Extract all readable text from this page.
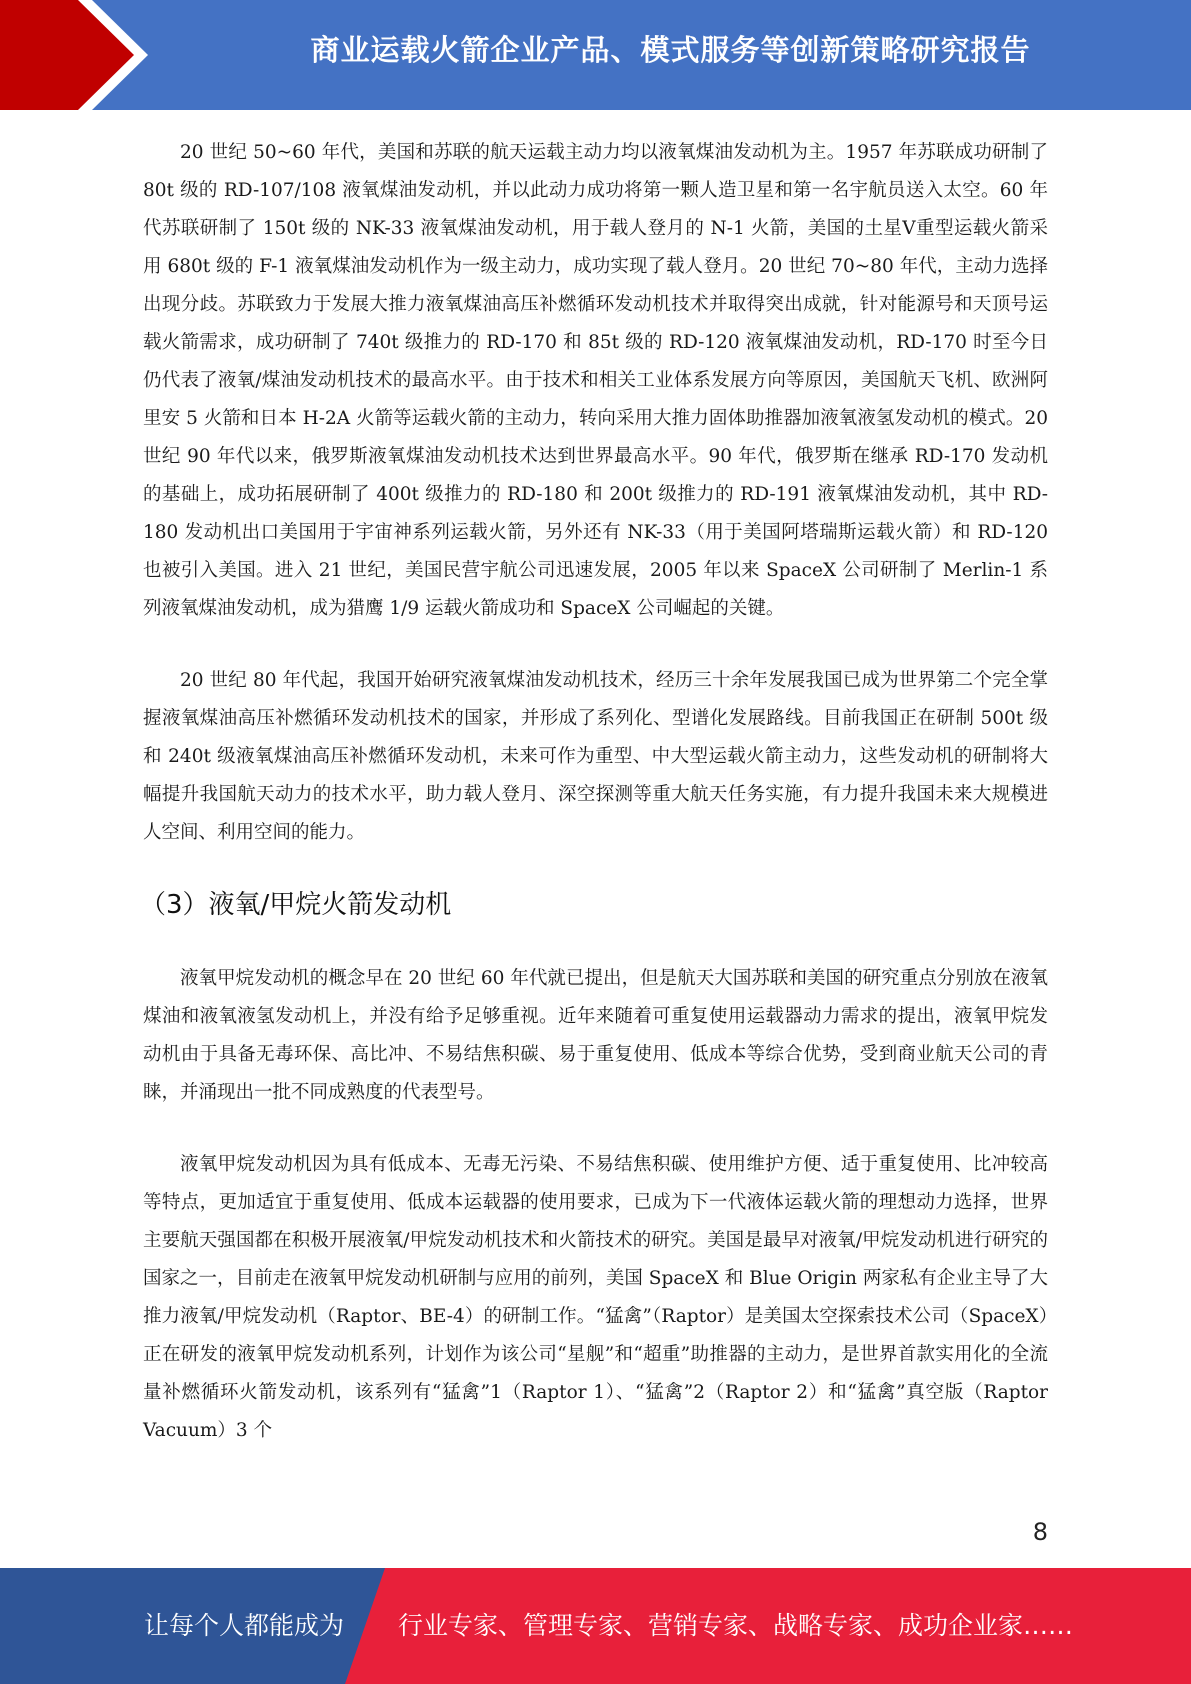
商业运载火箭企业产品、模式服务等创新策略研究报告

20 世纪 50~60 年代，美国和苏联的航天运载主动力均以液氧煤油发动机为主。1957 年苏联成功研制了 80t 级的 RD-107/108 液氧煤油发动机，并以此动力成功将第一颗人造卫星和第一名宇航员送入太空。60 年代苏联研制了 150t 级的 NK-33 液氧煤油发动机，用于载人登月的 N-1 火箭，美国的土星Ⅴ重型运载火箭采用 680t 级的 F-1 液氧煤油发动机作为一级主动力，成功实现了载人登月。20 世纪 70~80 年代，主动力选择出现分歧。苏联致力于发展大推力液氧煤油高压补燃循环发动机技术并取得突出成就，针对能源号和天顶号运载火箭需求，成功研制了 740t 级推力的 RD-170 和 85t 级的 RD-120 液氧煤油发动机，RD-170 时至今日仍代表了液氧/煤油发动机技术的最高水平。由于技术和相关工业体系发展方向等原因，美国航天飞机、欧洲阿里安 5 火箭和日本 H-2A 火箭等运载火箭的主动力，转向采用大推力固体助推器加液氧液氢发动机的模式。20 世纪 90 年代以来，俄罗斯液氧煤油发动机技术达到世界最高水平。90 年代，俄罗斯在继承 RD-170 发动机的基础上，成功拓展研制了 400t 级推力的 RD-180 和 200t 级推力的 RD-191 液氧煤油发动机，其中 RD-180 发动机出口美国用于宇宙神系列运载火箭，另外还有 NK-33（用于美国阿塔瑞斯运载火箭）和 RD-120 也被引入美国。进入 21 世纪，美国民营宇航公司迅速发展，2005 年以来 SpaceX 公司研制了 Merlin-1 系列液氧煤油发动机，成为猎鹰 1/9 运载火箭成功和 SpaceX 公司崛起的关键。

20 世纪 80 年代起，我国开始研究液氧煤油发动机技术，经历三十余年发展我国已成为世界第二个完全掌握液氧煤油高压补燃循环发动机技术的国家，并形成了系列化、型谱化发展路线。目前我国正在研制 500t 级和 240t 级液氧煤油高压补燃循环发动机，未来可作为重型、中大型运载火箭主动力，这些发动机的研制将大幅提升我国航天动力的技术水平，助力载人登月、深空探测等重大航天任务实施，有力提升我国未来大规模进人空间、利用空间的能力。

（3）液氧/甲烷火箭发动机

液氧甲烷发动机的概念早在 20 世纪 60 年代就已提出，但是航天大国苏联和美国的研究重点分别放在液氧煤油和液氧液氢发动机上，并没有给予足够重视。近年来随着可重复使用运载器动力需求的提出，液氧甲烷发动机由于具备无毒环保、高比冲、不易结焦积碳、易于重复使用、低成本等综合优势，受到商业航天公司的青睐，并涌现出一批不同成熟度的代表型号。

液氧甲烷发动机因为具有低成本、无毒无污染、不易结焦积碳、使用维护方便、适于重复使用、比冲较高等特点，更加适宜于重复使用、低成本运载器的使用要求，已成为下一代液体运载火箭的理想动力选择，世界主要航天强国都在积极开展液氧/甲烷发动机技术和火箭技术的研究。美国是最早对液氧/甲烷发动机进行研究的国家之一，目前走在液氧甲烷发动机研制与应用的前列，美国 SpaceX 和 Blue Origin 两家私有企业主导了大推力液氧/甲烷发动机（Raptor、BE-4）的研制工作。“猛禽”（Raptor）是美国太空探索技术公司（SpaceX）正在研发的液氧甲烷发动机系列，计划作为该公司“星舰”和“超重”助推器的主动力，是世界首款实用化的全流量补燃循环火箭发动机，该系列有“猛禽”1（Raptor 1）、“猛禽”2（Raptor 2）和“猛禽”真空版（Raptor Vacuum）3 个

8
让每个人都能成为 行业专家、管理专家、营销专家、战略专家、成功企业家……
